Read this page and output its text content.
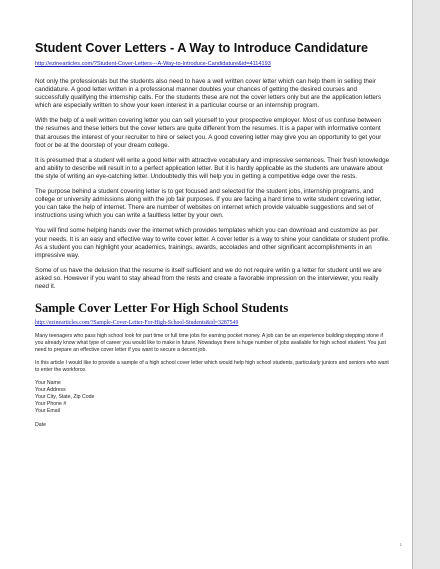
Student Cover Letters - A Way to Introduce Candidature
http://ezinearticles.com/?Student-Cover-Letters---A-Way-to-Introduce-Candidature&id=4114193

Not only the professionals but the students also need to have a well written cover letter which can help them in selling their candidature. A good letter written in a professional manner doubles your chances of getting the desired courses and successfully qualifying the internship calls. For the students these are not the cover letters only but are the application letters which are especially written to show your keen interest in a particular course or an internship program.

With the help of a well written covering letter you can sell yourself to your prospective employer. Most of us confuse between the resumes and these letters but the cover letters are quite different from the resumes. It is a paper with informative content that arouses the interest of your recruiter to hire or select you. A good covering letter may give you an opportunity to get your foot or be at the doorstep of your dream college.

It is presumed that a student will write a good letter with attractive vocabulary and impressive sentences. Their fresh knowledge and ability to describe will result in to a perfect application letter. But it is hardly applicable as the students are unaware about the style of writing an eye-catching letter. Undoubtedly this will help you in getting a competitive edge over the rests.

The purpose behind a student covering letter is to get focused and selected for the student jobs, internship programs, and college or university admissions along with the job fair purposes. If you are facing a hard time to write student covering letter, you can take the help of internet. There are number of websites on internet which provide valuable suggestions and set of instructions using which you can write a faultless letter by your own.

You will find some helping hands over the internet which provides templates which you can download and customize as per your needs. It is an easy and effective way to write cover letter. A cover letter is a way to shine your candidate or student profile. As a student you can highlight your academics, trainings, awards, accolades and other significant accomplishments in an impressive way.

Some of us have the delusion that the resume is itself sufficient and we do not require writin g a letter for student until we are asked so. However if you want to stay ahead from the rests and create a favorable impression on the interviewer, you really need it.

Sample Cover Letter For High School Students
http://ezinearticles.com/?Sample-Cover-Letter-For-High-School-Students&id=3287549

Many teenagers who pass high school look for part time or full time jobs for earning pocket money. A job can be an experience building stepping stone if you already know what type of career you would like to make in future. Nowadays there is huge number of jobs available for high school student. You just need to prepare an effective cover letter if you want to secure a decent job.

In this article I would like to provide a sample of a high school cover letter which would help high school students, particularly juniors and seniors who want to enter the workforce.

Your Name
Your Address
Your City, State, Zip Code
Your Phone #
Your Email

Date

1
